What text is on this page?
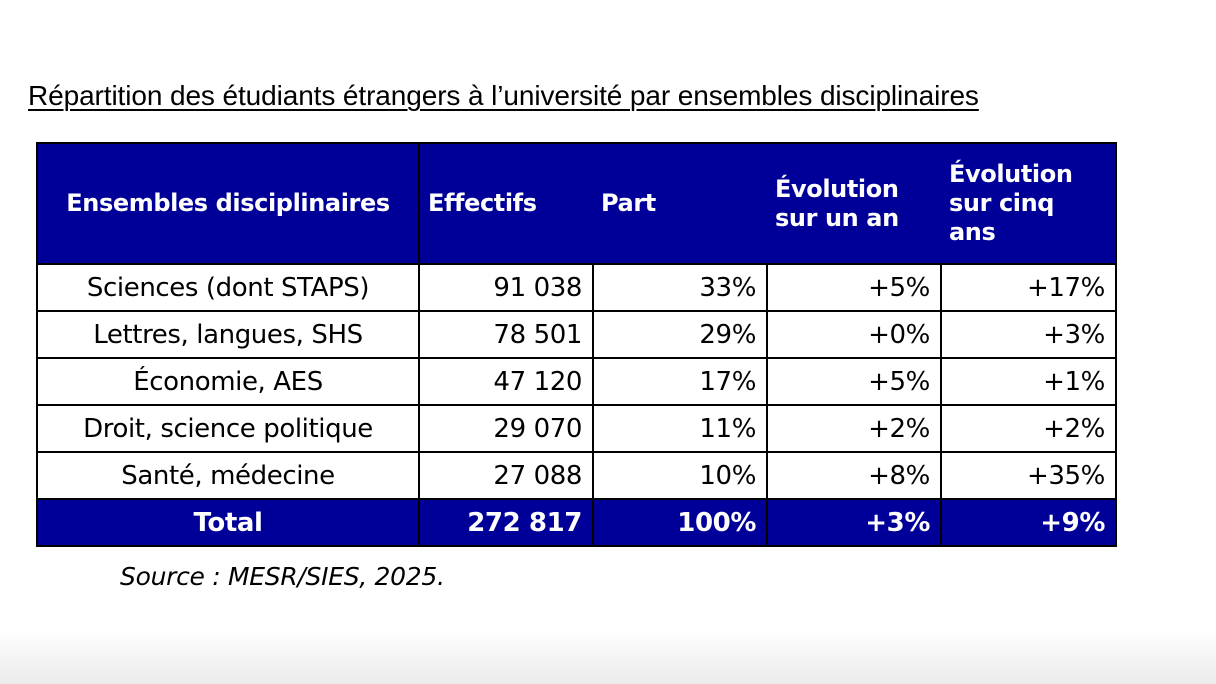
Répartition des étudiants étrangers à l’université par ensembles disciplinaires
Ensembles disciplinaires	Effectifs	Part	Évolution sur un an	Évolution sur cinq ans
Sciences (dont STAPS)	91 038	33%	+5%	+17%
Lettres, langues, SHS	78 501	29%	+0%	+3%
Économie, AES	47 120	17%	+5%	+1%
Droit, science politique	29 070	11%	+2%	+2%
Santé, médecine	27 088	10%	+8%	+35%
Total	272 817	100%	+3%	+9%
Source : MESR/SIES, 2025.
